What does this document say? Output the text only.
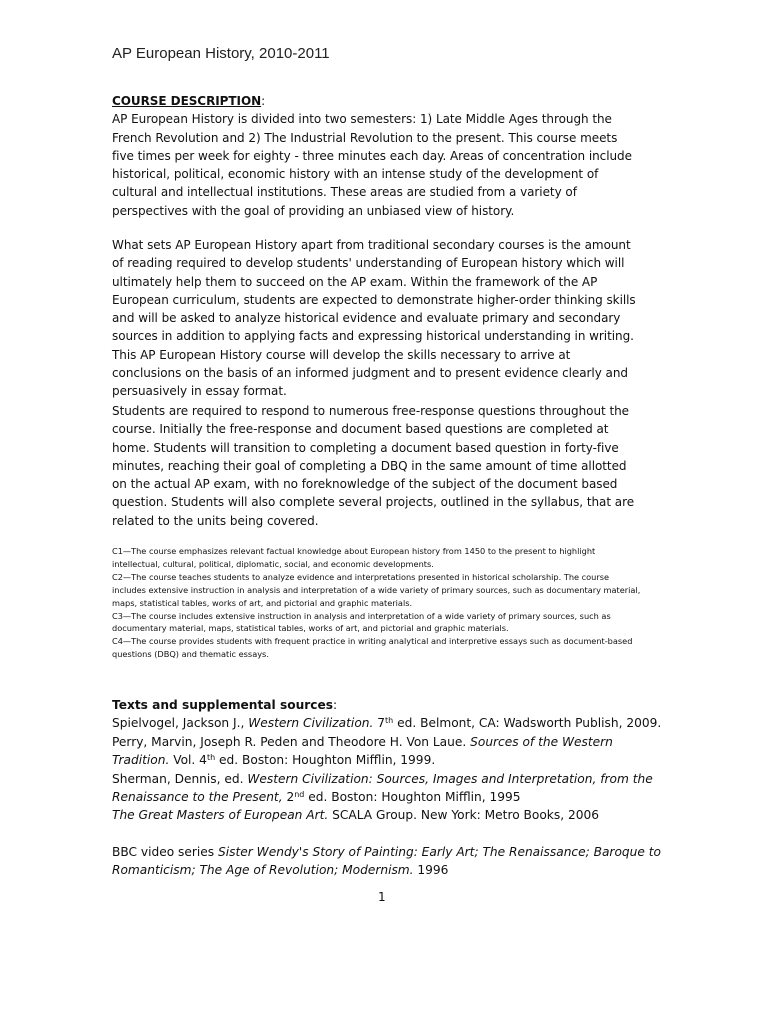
AP European History, 2010-2011
COURSE DESCRIPTION:
AP European History is divided into two semesters: 1) Late Middle Ages through the French Revolution and 2) The Industrial Revolution to the present. This course meets five times per week for eighty - three minutes each day. Areas of concentration include historical, political, economic history with an intense study of the development of cultural and intellectual institutions. These areas are studied from a variety of perspectives with the goal of providing an unbiased view of history.
What sets AP European History apart from traditional secondary courses is the amount of reading required to develop students' understanding of European history which will ultimately help them to succeed on the AP exam. Within the framework of the AP European curriculum, students are expected to demonstrate higher-order thinking skills and will be asked to analyze historical evidence and evaluate primary and secondary sources in addition to applying facts and expressing historical understanding in writing. This AP European History course will develop the skills necessary to arrive at conclusions on the basis of an informed judgment and to present evidence clearly and persuasively in essay format.
Students are required to respond to numerous free-response questions throughout the course. Initially the free-response and document based questions are completed at home. Students will transition to completing a document based question in forty-five minutes, reaching their goal of completing a DBQ in the same amount of time allotted on the actual AP exam, with no foreknowledge of the subject of the document based question. Students will also complete several projects, outlined in the syllabus, that are related to the units being covered.
C1—The course emphasizes relevant factual knowledge about European history from 1450 to the present to highlight intellectual, cultural, political, diplomatic, social, and economic developments.
C2—The course teaches students to analyze evidence and interpretations presented in historical scholarship. The course includes extensive instruction in analysis and interpretation of a wide variety of primary sources, such as documentary material, maps, statistical tables, works of art, and pictorial and graphic materials.
C3—The course includes extensive instruction in analysis and interpretation of a wide variety of primary sources, such as documentary material, maps, statistical tables, works of art, and pictorial and graphic materials.
C4—The course provides students with frequent practice in writing analytical and interpretive essays such as document-based questions (DBQ) and thematic essays.
Texts and supplemental sources:
Spielvogel, Jackson J., Western Civilization. 7th ed. Belmont, CA: Wadsworth Publish, 2009.
Perry, Marvin, Joseph R. Peden and Theodore H. Von Laue. Sources of the Western
Tradition. Vol. 4th ed. Boston: Houghton Mifflin, 1999.
Sherman, Dennis, ed. Western Civilization: Sources, Images and Interpretation, from the
Renaissance to the Present, 2nd ed. Boston: Houghton Mifflin, 1995
The Great Masters of European Art. SCALA Group. New York: Metro Books, 2006
BBC video series Sister Wendy's Story of Painting: Early Art; The Renaissance; Baroque to
Romanticism; The Age of Revolution; Modernism. 1996
1
